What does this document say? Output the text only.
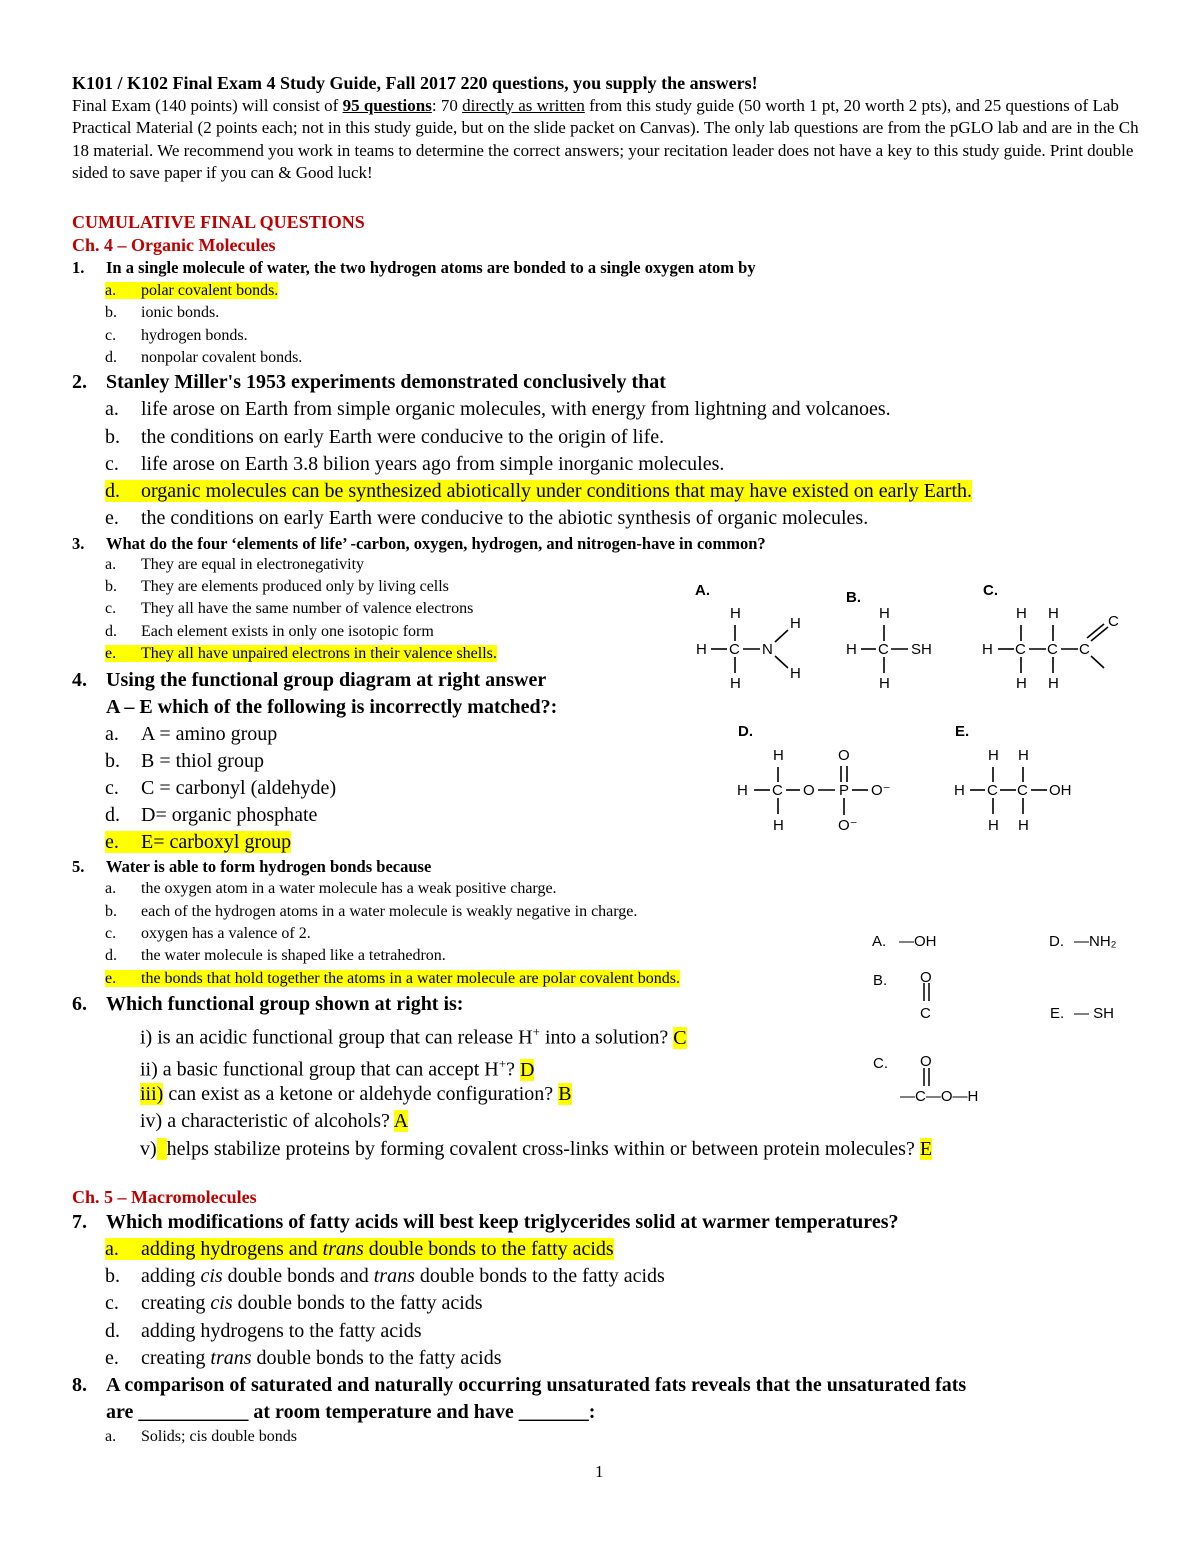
K101 / K102 Final Exam 4 Study Guide, Fall 2017 220 questions, you supply the answers!
Final Exam (140 points) will consist of 95 questions: 70 directly as written from this study guide (50 worth 1 pt, 20 worth 2 pts), and 25 questions of Lab Practical Material (2 points each; not in this study guide, but on the slide packet on Canvas). The only lab questions are from the pGLO lab and are in the Ch 18 material. We recommend you work in teams to determine the correct answers; your recitation leader does not have a key to this study guide. Print double sided to save paper if you can & Good luck!
CUMULATIVE FINAL QUESTIONS
Ch. 4 – Organic Molecules
1. In a single molecule of water, the two hydrogen atoms are bonded to a single oxygen atom by
a. polar covalent bonds.
b. ionic bonds.
c. hydrogen bonds.
d. nonpolar covalent bonds.
2. Stanley Miller's 1953 experiments demonstrated conclusively that
a. life arose on Earth from simple organic molecules, with energy from lightning and volcanoes.
b. the conditions on early Earth were conducive to the origin of life.
c. life arose on Earth 3.8 bilion years ago from simple inorganic molecules.
d. organic molecules can be synthesized abiotically under conditions that may have existed on early Earth.
e. the conditions on early Earth were conducive to the abiotic synthesis of organic molecules.
3. What do the four ‘elements of life’ -carbon, oxygen, hydrogen, and nitrogen-have in common?
a. They are equal in electronegativity
b. They are elements produced only by living cells
c. They all have the same number of valence electrons
d. Each element exists in only one isotopic form
e. They all have unpaired electrons in their valence shells.
4. Using the functional group diagram at right answer
A – E which of the following is incorrectly matched?:
a. A = amino group
b. B = thiol group
c. C = carbonyl (aldehyde)
d. D= organic phosphate
e. E= carboxyl group
5. Water is able to form hydrogen bonds because
a. the oxygen atom in a water molecule has a weak positive charge.
b. each of the hydrogen atoms in a water molecule is weakly negative in charge.
c. oxygen has a valence of 2.
d. the water molecule is shaped like a tetrahedron.
e. the bonds that hold together the atoms in a water molecule are polar covalent bonds.
6. Which functional group shown at right is:
i) is an acidic functional group that can release H+ into a solution? C
ii) a basic functional group that can accept H+? D
iii) can exist as a ketone or aldehyde configuration? B
iv) a characteristic of alcohols? A
v) helps stabilize proteins by forming covalent cross-links within or between protein molecules? E
Ch. 5 – Macromolecules
7. Which modifications of fatty acids will best keep triglycerides solid at warmer temperatures?
a. adding hydrogens and trans double bonds to the fatty acids
b. adding cis double bonds and trans double bonds to the fatty acids
c. creating cis double bonds to the fatty acids
d. adding hydrogens to the fatty acids
e. creating trans double bonds to the fatty acids
8. A comparison of saturated and naturally occurring unsaturated fats reveals that the unsaturated fats
are ___________ at room temperature and have _______:
a. Solids; cis double bonds
1
A.	B.	C.
D.	E.
H
H C N
H
H
H
H
H C SH
H
H H
H C C C
H H
C
H
H C O P
O
O⁻
H	O⁻
H H
H C C OH
H H
A. —OH
B. O
C
C. O
—C—O—H
D. —NH₂
E. — SH
